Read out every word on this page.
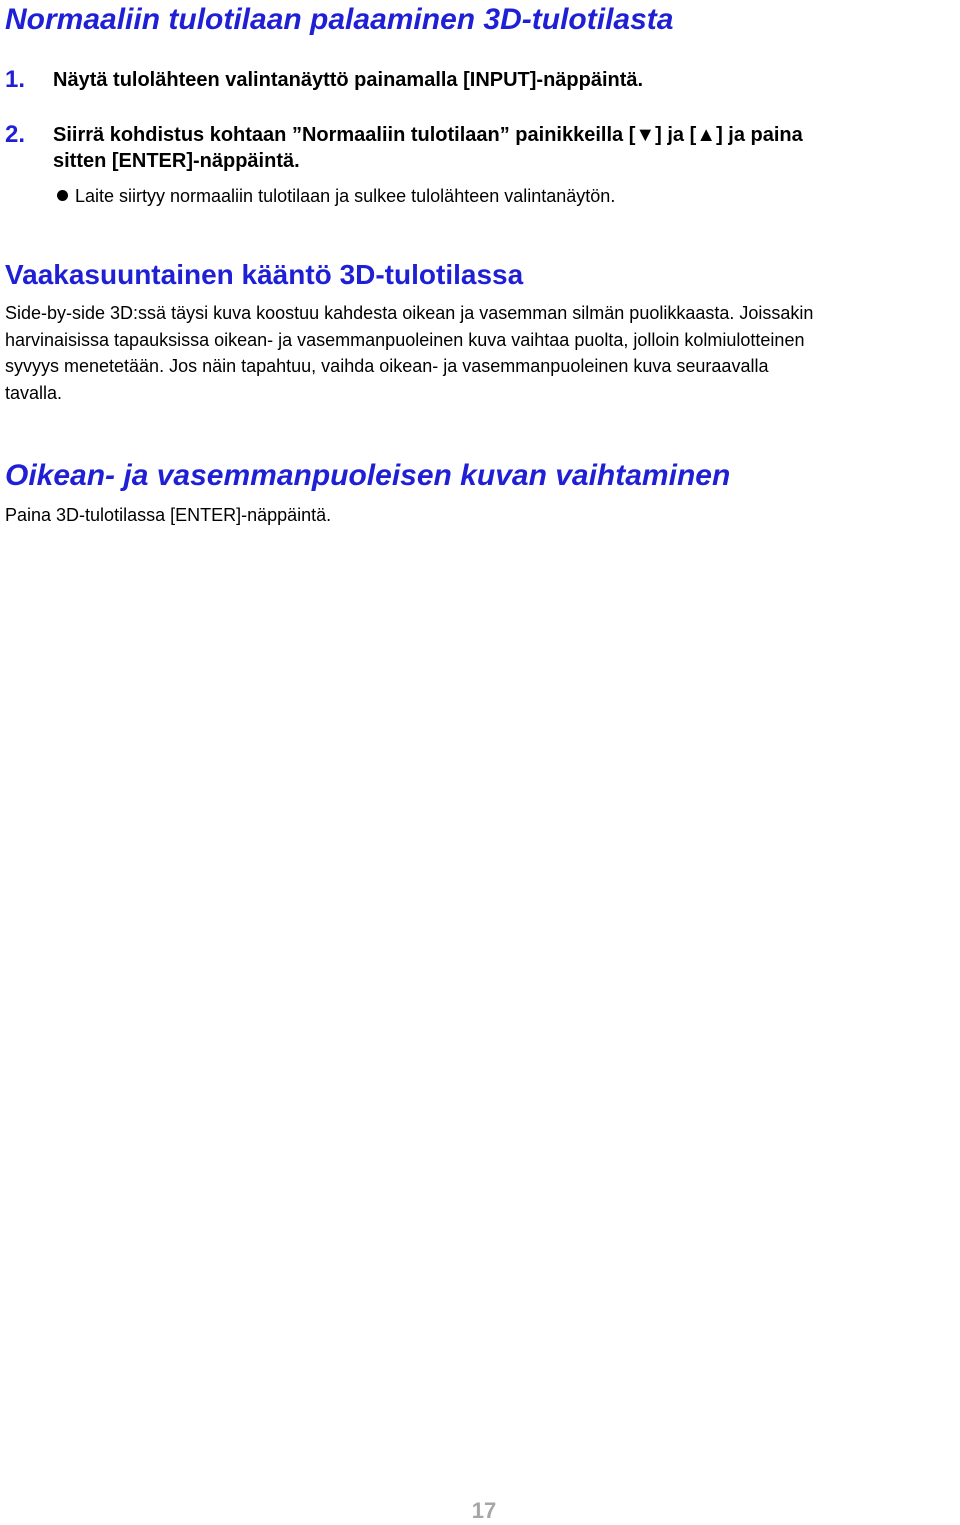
Normaaliin tulotilaan palaaminen 3D-tulotilasta
1. Näytä tulolähteen valintanäyttö painamalla [INPUT]-näppäintä.
2. Siirrä kohdistus kohtaan ”Normaaliin tulotilaan” painikkeilla [▼] ja [▲] ja paina
sitten [ENTER]-näppäintä.
Laite siirtyy normaaliin tulotilaan ja sulkee tulolähteen valintanäytön.
Vaakasuuntainen kääntö 3D-tulotilassa
Side-by-side 3D:ssä täysi kuva koostuu kahdesta oikean ja vasemman silmän puolikkaasta. Joissakin
harvinaisissa tapauksissa oikean- ja vasemmanpuoleinen kuva vaihtaa puolta, jolloin kolmiulotteinen
syvyys menetetään. Jos näin tapahtuu, vaihda oikean- ja vasemmanpuoleinen kuva seuraavalla
tavalla.
Oikean- ja vasemmanpuoleisen kuvan vaihtaminen

Paina 3D-tulotilassa [ENTER]-näppäintä.

17
